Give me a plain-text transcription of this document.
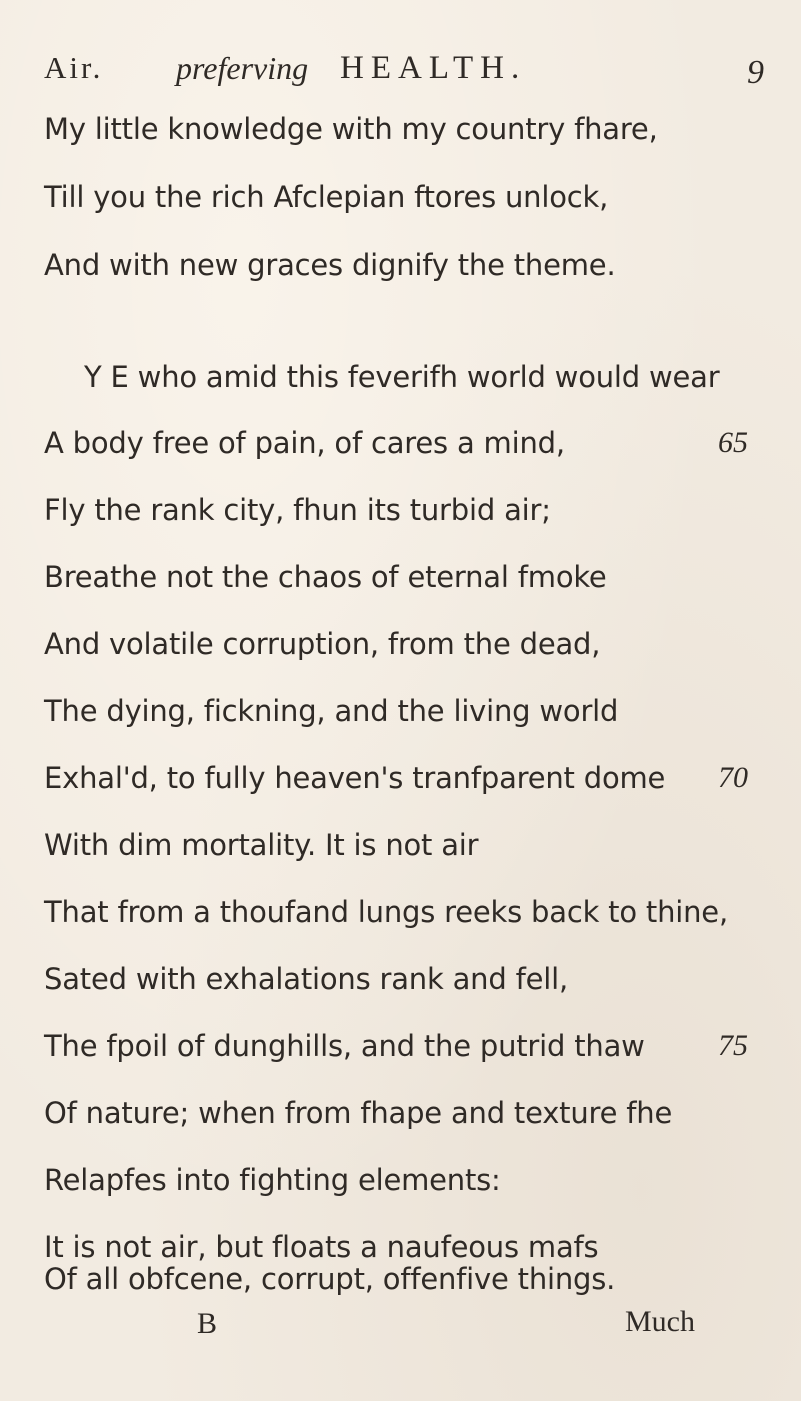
Air. preferving HEALTH.	9
My little knowledge with my country fhare,
Till you the rich Afclepian ftores unlock,
And with new graces dignify the theme.
Y E who amid this feverifh world would wear
A body free of pain, of cares a mind,
Fly the rank city, fhun its turbid air;
Breathe not the chaos of eternal fmoke
And volatile corruption, from the dead,
The dying, fickning, and the living world
Exhal'd, to fully heaven's tranfparent dome
With dim mortality. It is not air
That from a thoufand lungs reeks back to thine,
Sated with exhalations rank and fell,
The fpoil of dunghills, and the putrid thaw
Of nature; when from fhape and texture fhe
Relapfes into fighting elements:
It is not air, but floats a naufeous mafs
65
70
75
B	Much
Of all obfcene, corrupt, offenfive things.
